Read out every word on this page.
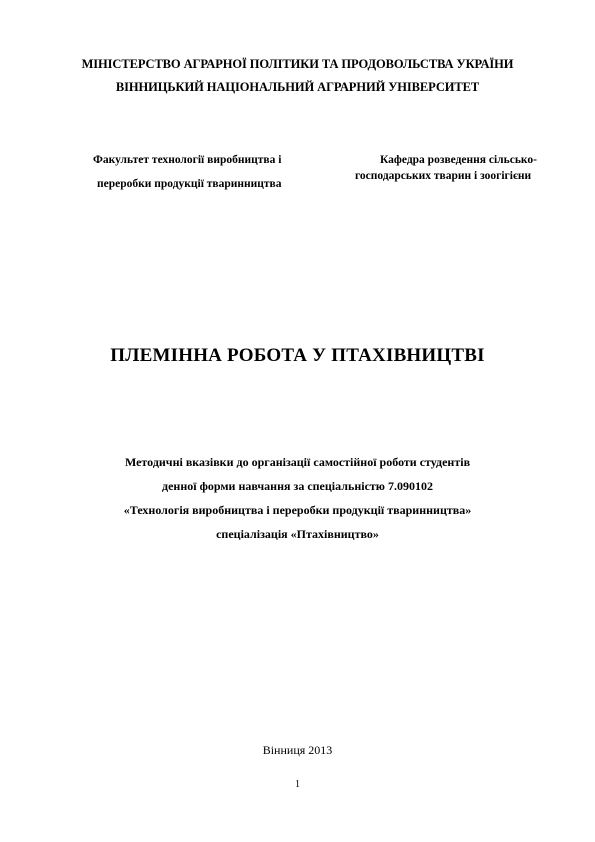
МІНІСТЕРСТВО АГРАРНОЇ ПОЛІТИКИ ТА ПРОДОВОЛЬСТВА УКРАЇНИ
ВІННИЦЬКИЙ НАЦІОНАЛЬНИЙ АГРАРНИЙ УНІВЕРСИТЕТ
Факультет технології виробництва і
переробки продукції тваринництва
Кафедра розведення сільсько-
господарських тварин і зоогігієни
ПЛЕМІННА РОБОТА У ПТАХІВНИЦТВІ
Методичні вказівки до організації самостійної роботи студентів
денної форми навчання за спеціальністю 7.090102
«Технологія виробництва і переробки продукції тваринництва»
спеціалізація «Птахівництво»
Вінниця 2013
1
